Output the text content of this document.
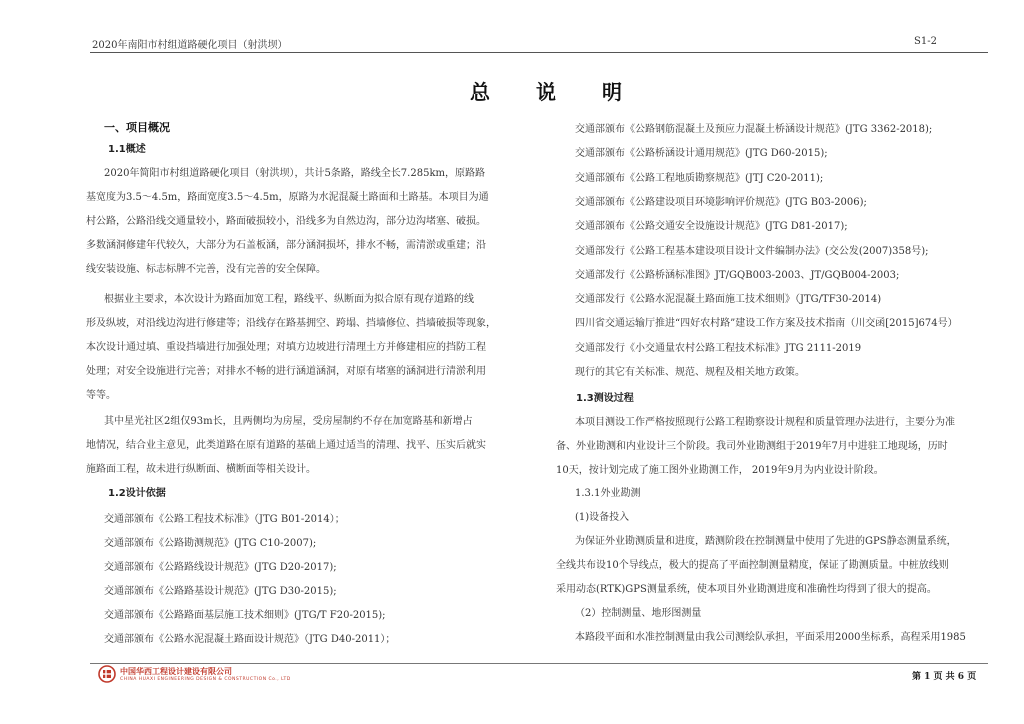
2020年南阳市村组道路硬化项目（射洪坝）	S1-2
总说明
一、项目概况
1.1概述
2020年简阳市村组道路硬化项目（射洪坝），共计5条路，路线全长7.285km，原路路
基宽度为3.5～4.5m，路面宽度3.5～4.5m，原路为水泥混凝土路面和土路基。本项目为通
村公路，公路沿线交通量较小，路面破损较小，沿线多为自然边沟，部分边沟堵塞、破损。
多数涵洞修建年代较久，大部分为石盖板涵，部分涵洞损坏，排水不畅，需清淤或重建；沿
线安装设施、标志标牌不完善，没有完善的安全保障。
根据业主要求，本次设计为路面加宽工程，路线平、纵断面为拟合原有现存道路的线
形及纵坡，对沿线边沟进行修建等；沿线存在路基拥空、跨塌、挡墙修位、挡墙破损等现象，
本次设计通过填、重设挡墙进行加强处理；对填方边坡进行清理土方并修建相应的挡防工程
处理；对安全设施进行完善；对排水不畅的进行涵道涵洞，对原有堵塞的涵洞进行清淤利用
等等。
其中星光社区2组仅93m长，且两侧均为房屋，受房屋制约不存在加宽路基和新增占
地情况，结合业主意见，此类道路在原有道路的基础上通过适当的清理、找平、压实后就实
施路面工程，故未进行纵断面、横断面等相关设计。
1.2设计依据
交通部颁布《公路工程技术标准》（JTG B01-2014）；
交通部颁布《公路勘测规范》(JTG C10-2007);
交通部颁布《公路路线设计规范》(JTG D20-2017);
交通部颁布《公路路基设计规范》(JTG D30-2015);
交通部颁布《公路路面基层施工技术细则》(JTG/T F20-2015);
交通部颁布《公路水泥混凝土路面设计规范》（JTG D40-2011）；
交通部颁布《公路钢筋混凝土及预应力混凝土桥涵设计规范》(JTG 3362-2018);
交通部颁布《公路桥涵设计通用规范》(JTG D60-2015);
交通部颁布《公路工程地质勘察规范》(JTJ C20-2011);
交通部颁布《公路建设项目环境影响评价规范》(JTG B03-2006);
交通部颁布《公路交通安全设施设计规范》(JTG D81-2017);
交通部发行《公路工程基本建设项目设计文件编制办法》(交公发(2007)358号);
交通部发行《公路桥涵标准图》JT/GQB003-2003、JT/GQB004-2003;
交通部发行《公路水泥混凝土路面施工技术细则》（JTG/TF30-2014)
四川省交通运输厅推进“四好农村路”建设工作方案及技术指南（川交函[2015]674号）
交通部发行《小交通量农村公路工程技术标准》JTG 2111-2019
现行的其它有关标准、规范、规程及相关地方政策。
1.3测设过程
本项目测设工作严格按照现行公路工程勘察设计规程和质量管理办法进行，主要分为准
备、外业勘测和内业设计三个阶段。我司外业勘测组于2019年7月中进驻工地现场，历时
10天，按计划完成了施工图外业勘测工作， 2019年9月为内业设计阶段。
1.3.1外业勘测
(1)设备投入
为保证外业勘测质量和进度，踏测阶段在控制测量中使用了先进的GPS静态测量系统，
全线共布设10个导线点，极大的提高了平面控制测量精度，保证了勘测质量。中桩放线则
采用动态(RTK)GPS测量系统，使本项目外业勘测进度和准确性均得到了很大的提高。
（2）控制测量、地形图测量
本路段平面和水准控制测量由我公司测绘队承担，平面采用2000坐标系，高程采用1985
中国华西工程设计建设有限公司
CHINA HUAXI ENGINEERING DESIGN & CONSTRUCTION Co., LTD	第 1 页 共 6 页
